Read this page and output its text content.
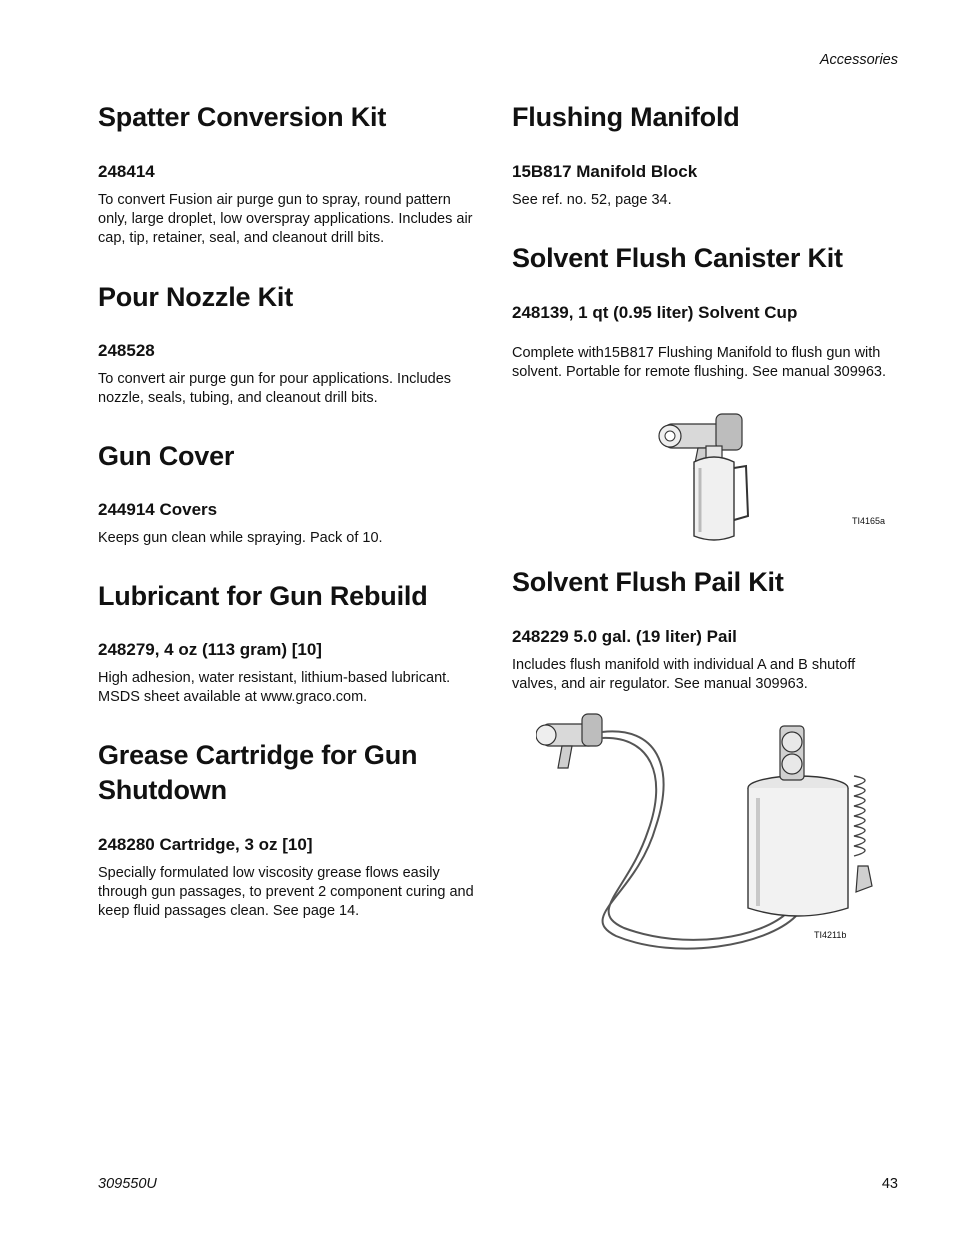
Accessories
Spatter Conversion Kit
248414

To convert Fusion air purge gun to spray, round pattern only, large droplet, low overspray applications. Includes air cap, tip, retainer, seal, and cleanout drill bits.

Pour Nozzle Kit
248528

To convert air purge gun for pour applications. Includes nozzle, seals, tubing, and cleanout drill bits.

Gun Cover
244914 Covers

Keeps gun clean while spraying. Pack of 10.

Lubricant for Gun Rebuild
248279, 4 oz (113 gram) [10]

High adhesion, water resistant, lithium-based lubricant. MSDS sheet available at www.graco.com.

Grease Cartridge for Gun Shutdown
248280 Cartridge, 3 oz [10]

Specially formulated low viscosity grease flows easily through gun passages, to prevent 2 component curing and keep fluid passages clean. See page 14.

Flushing Manifold
15B817 Manifold Block

See ref. no. 52, page 34.

Solvent Flush Canister Kit
248139, 1 qt (0.95 liter) Solvent Cup

Complete with15B817 Flushing Manifold to flush gun with solvent. Portable for remote flushing. See manual 309963.

TI4165a
Solvent Flush Pail Kit
248229 5.0 gal. (19 liter) Pail

Includes flush manifold with individual A and B shutoff valves, and air regulator. See manual 309963.

TI4211b
309550U	43
